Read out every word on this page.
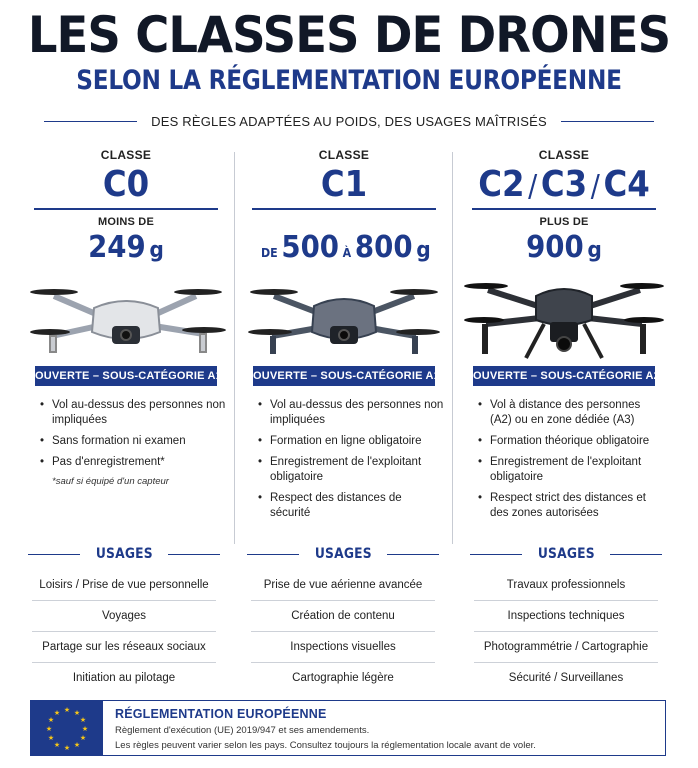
LES CLASSES DE DRONES
SELON LA RÉGLEMENTATION EUROPÉENNE
DES RÈGLES ADAPTÉES AU POIDS, DES USAGES MAÎTRISÉS
CLASSE
C0
MOINS DE
249 g
OUVERTE – SOUS-CATÉGORIE A1
• Vol au-dessus des personnes non impliquées
• Sans formation ni examen
• Pas d'enregistrement*
*sauf si équipé d'un capteur
CLASSE
C1
DE 500 À 800 g
OUVERTE – SOUS-CATÉGORIE A1
• Vol au-dessus des personnes non impliquées
• Formation en ligne obligatoire
• Enregistrement de l'exploitant obligatoire
• Respect des distances de sécurité
CLASSE
C2 /C3 /C4
PLUS DE
900 g
OUVERTE – SOUS-CATÉGORIE A2 / A3
• Vol à distance des personnes (A2) ou en zone dédiée (A3)
• Formation théorique obligatoire
• Enregistrement de l'exploitant obligatoire
• Respect strict des distances et des zones autorisées
USAGES
Loisirs / Prise de vue personnelle
Voyages
Partage sur les réseaux sociaux
Initiation au pilotage
USAGES
Prise de vue aérienne avancée
Création de contenu
Inspections visuelles
Cartographie légère
USAGES
Travaux professionnels
Inspections techniques
Photogrammétrie / Cartographie
Sécurité / Surveillanes
★ ★
★
★
★
★
★
★
★
★
★
★	RÉGLEMENTATION EUROPÉENNE
Règlement d'exécution (UE) 2019/947 et ses amendements.
Les règles peuvent varier selon les pays. Consultez toujours la réglementation locale avant de voler.
